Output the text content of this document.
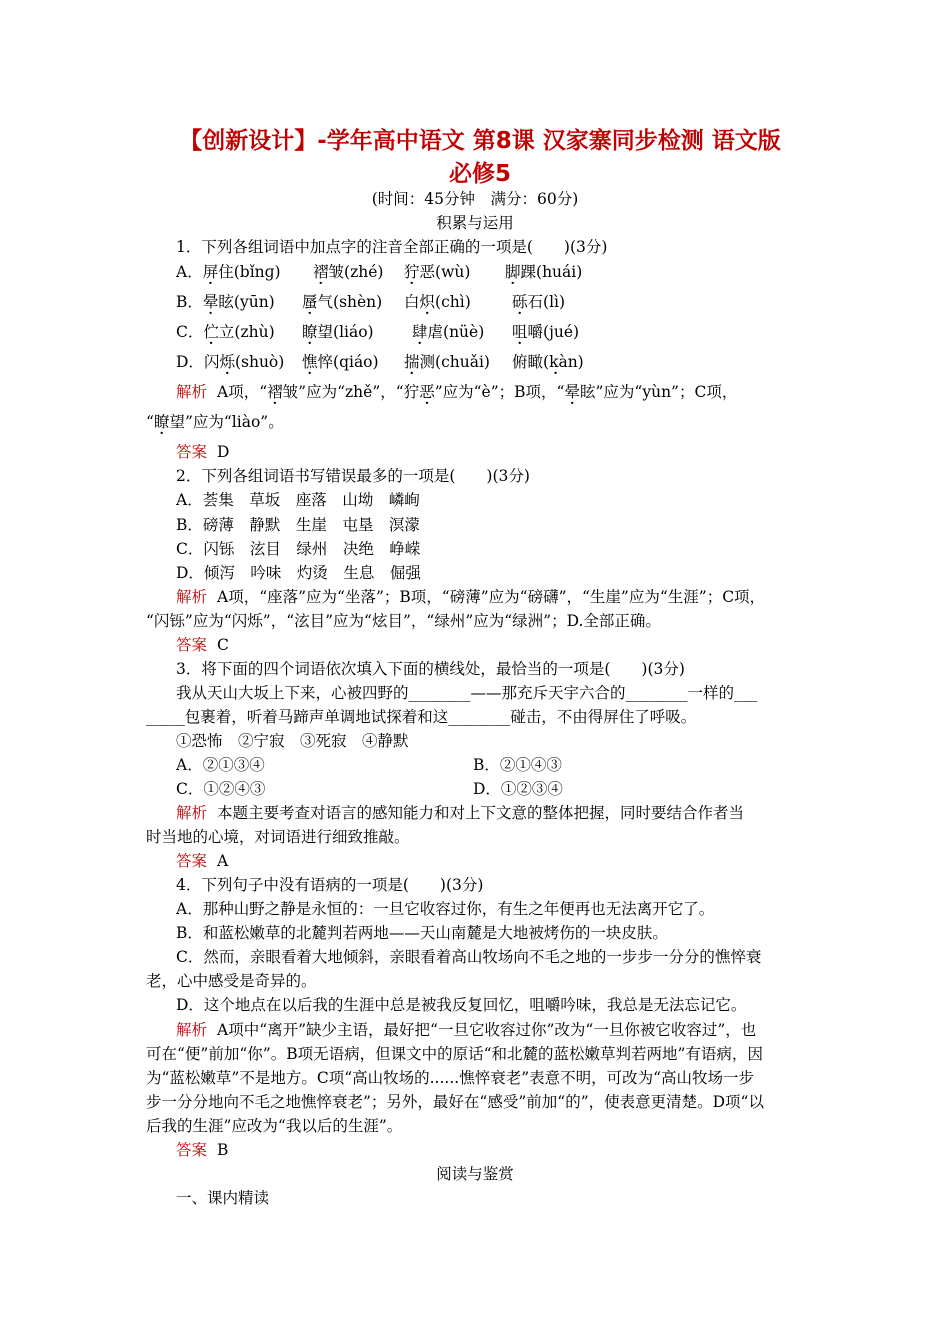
【创新设计】-学年高中语文 第8课 汉家寨同步检测 语文版
必修5
(时间：45分钟　满分：60分)
积累与运用
1．下列各组词语中加点字的注音全部正确的一项是(　　)(3分)
A．屏住(bǐnɡ) 褶皱(zhé) 狞恶(wù) 脚踝(huái)
B．晕眩(yūn) 蜃气(shèn) 白炽(chì)	砾石(lì)
C．伫立(zhù) 瞭望(liáo) 肆虐(nüè) 咀嚼(jué)
D．闪烁(shuò) 憔悴(qiáo) 揣测(chuǎi) 俯瞰(kàn) ·
解析 A项，“褶皱”应为“zhě”，“狞恶”应为“è”；B项，“晕眩”应为“yùn”；C项，
“瞭望”应为“liào”。
答案 D
2．下列各组词语书写错误最多的一项是(　　)(3分)
A．荟集　草坂　座落　山坳　嶙峋
B．磅薄　静默　生崖　屯垦　溟濛
C．闪铄　泫目　绿州　决绝　峥嵘
D．倾泻　吟味　灼烫　生息　倔强
解析 A项，“座落”应为“坐落”；B项，“磅薄”应为“磅礴”，“生崖”应为“生涯”；C项，
“闪铄”应为“闪烁”，“泫目”应为“炫目”，“绿州”应为“绿洲”；D.全部正确。
答案 C
3．将下面的四个词语依次填入下面的横线处，最恰当的一项是(　　)(3分)
我从天山大坂上下来，心被四野的________——那充斥天宇六合的________一样的___
_____包裹着，听着马蹄声单调地试探着和这________碰击，不由得屏住了呼吸。
①恐怖　②宁寂　③死寂　④静默
A．②①③④	B．②①④③
C．①②④③	D．①②③④
解析 本题主要考查对语言的感知能力和对上下文意的整体把握，同时要结合作者当
时当地的心境，对词语进行细致推敲。
答案 A
4．下列句子中没有语病的一项是(　　)(3分)
A．那种山野之静是永恒的：一旦它收容过你，有生之年便再也无法离开它了。
B．和蓝松嫩草的北麓判若两地——天山南麓是大地被烤伤的一块皮肤。
C．然而，亲眼看着大地倾斜，亲眼看着高山牧场向不毛之地的一步步一分分的憔悴衰
老，心中感受是奇异的。
D．这个地点在以后我的生涯中总是被我反复回忆，咀嚼吟味，我总是无法忘记它。
解析 A项中“离开”缺少主语，最好把“一旦它收容过你”改为“一旦你被它收容过”，也
可在“便”前加“你”。B项无语病，但课文中的原话“和北麓的蓝松嫩草判若两地”有语病，因
为“蓝松嫩草”不是地方。C项“高山牧场的......憔悴衰老”表意不明，可改为“高山牧场一步
步一分分地向不毛之地憔悴衰老”；另外，最好在“感受”前加“的”，使表意更清楚。D项“以
后我的生涯”应改为“我以后的生涯”。
答案 B
阅读与鉴赏
一、课内精读
